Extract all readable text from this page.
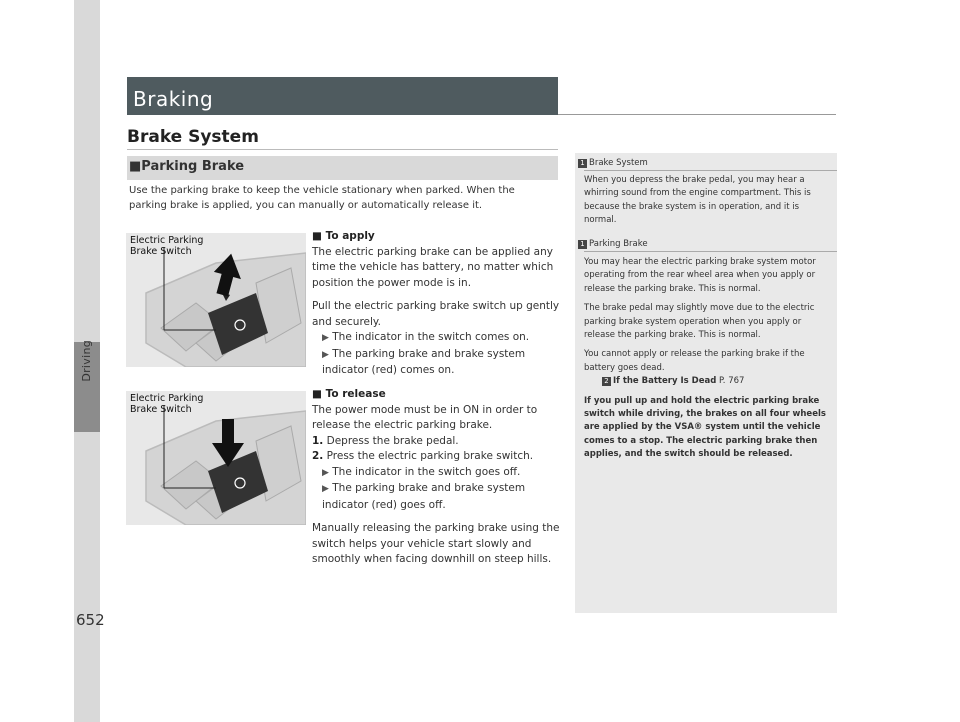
Driving
652
Braking
Brake System
■Parking Brake
Use the parking brake to keep the vehicle stationary when parked. When the parking brake is applied, you can manually or automatically release it.
Electric Parking
Brake Switch
Electric Parking
Brake Switch
■ To apply
The electric parking brake can be applied any time the vehicle has battery, no matter which position the power mode is in.
Pull the electric parking brake switch up gently and securely.
▶ The indicator in the switch comes on.
▶ The parking brake and brake system indicator (red) comes on.
■ To release
The power mode must be in ON in order to release the electric parking brake.
1. Depress the brake pedal.
2. Press the electric parking brake switch.
▶ The indicator in the switch goes off.
▶ The parking brake and brake system indicator (red) goes off.
Manually releasing the parking brake using the switch helps your vehicle start slowly and smoothly when facing downhill on steep hills.
1 Brake System
When you depress the brake pedal, you may hear a whirring sound from the engine compartment. This is because the brake system is in operation, and it is normal.
1 Parking Brake
You may hear the electric parking brake system motor operating from the rear wheel area when you apply or release the parking brake. This is normal.
The brake pedal may slightly move due to the electric parking brake system operation when you apply or release the parking brake. This is normal.
You cannot apply or release the parking brake if the battery goes dead.
2 If the Battery Is Dead P. 767
If you pull up and hold the electric parking brake switch while driving, the brakes on all four wheels are applied by the VSA® system until the vehicle comes to a stop. The electric parking brake then applies, and the switch should be released.
